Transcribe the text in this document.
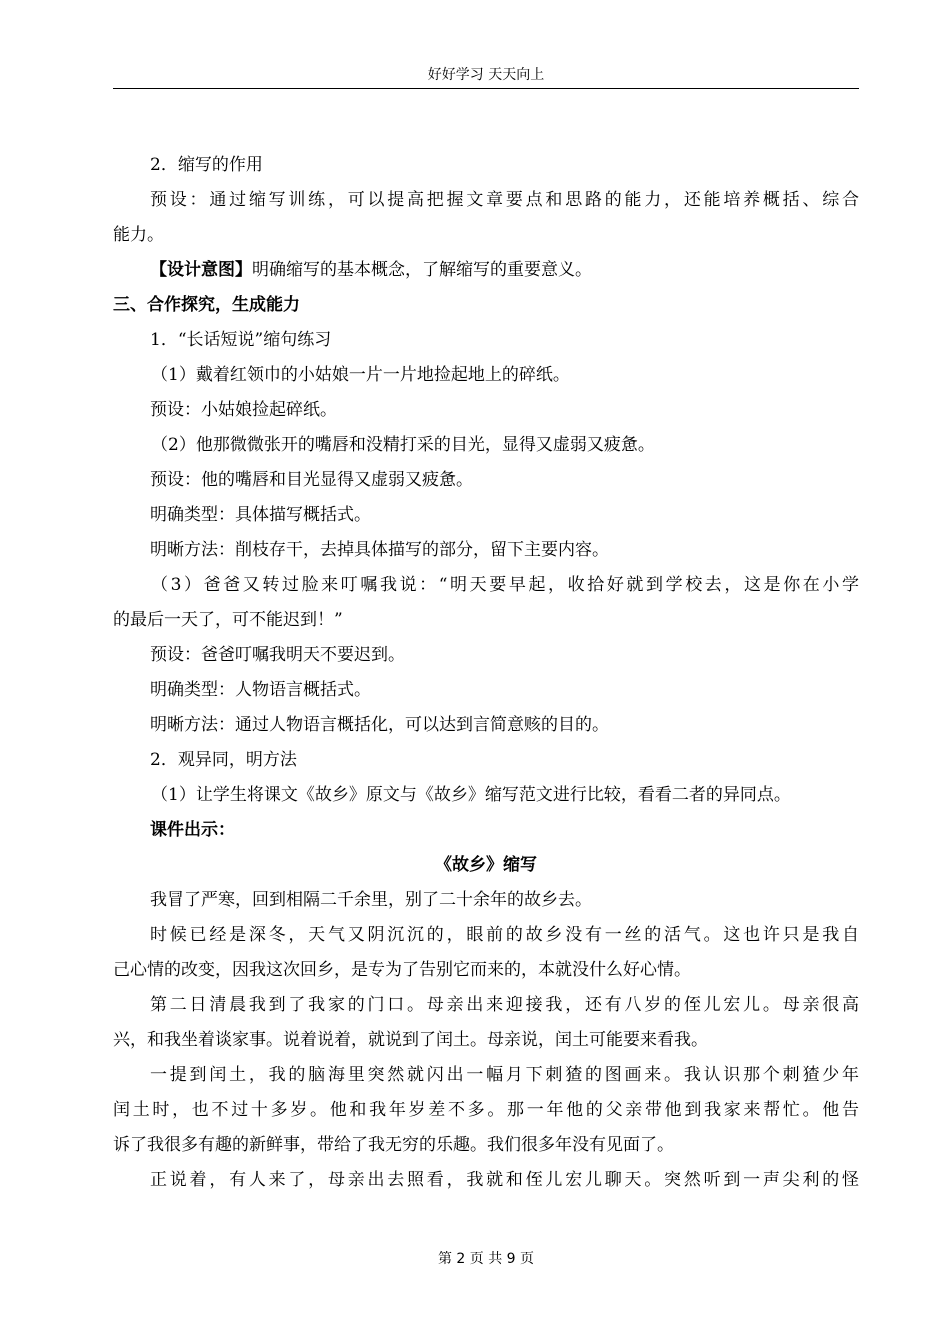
好好学习 天天向上
2．缩写的作用
预设：通过缩写训练，可以提高把握文章要点和思路的能力，还能培养概括、综合
能力。
【设计意图】明确缩写的基本概念，了解缩写的重要意义。
三、合作探究，生成能力
1．“长话短说”缩句练习
（1）戴着红领巾的小姑娘一片一片地捡起地上的碎纸。
预设：小姑娘捡起碎纸。
（2）他那微微张开的嘴唇和没精打采的目光，显得又虚弱又疲惫。
预设：他的嘴唇和目光显得又虚弱又疲惫。
明确类型：具体描写概括式。
明晰方法：削枝存干，去掉具体描写的部分，留下主要内容。
（3）爸爸又转过脸来叮嘱我说：“明天要早起，收拾好就到学校去，这是你在小学
的最后一天了，可不能迟到！”
预设：爸爸叮嘱我明天不要迟到。
明确类型：人物语言概括式。
明晰方法：通过人物语言概括化，可以达到言简意赅的目的。
2．观异同，明方法
（1）让学生将课文《故乡》原文与《故乡》缩写范文进行比较，看看二者的异同点。
课件出示：
《故乡》缩写
我冒了严寒，回到相隔二千余里，别了二十余年的故乡去。
时候已经是深冬，天气又阴沉沉的，眼前的故乡没有一丝的活气。这也许只是我自
己心情的改变，因我这次回乡，是专为了告别它而来的，本就没什么好心情。
第二日清晨我到了我家的门口。母亲出来迎接我，还有八岁的侄儿宏儿。母亲很高
兴，和我坐着谈家事。说着说着，就说到了闰土。母亲说，闰土可能要来看我。
一提到闰土，我的脑海里突然就闪出一幅月下刺猹的图画来。我认识那个刺猹少年
闰土时，也不过十多岁。他和我年岁差不多。那一年他的父亲带他到我家来帮忙。他告
诉了我很多有趣的新鲜事，带给了我无穷的乐趣。我们很多年没有见面了。
正说着，有人来了，母亲出去照看，我就和侄儿宏儿聊天。突然听到一声尖利的怪
第 2 页 共 9 页
